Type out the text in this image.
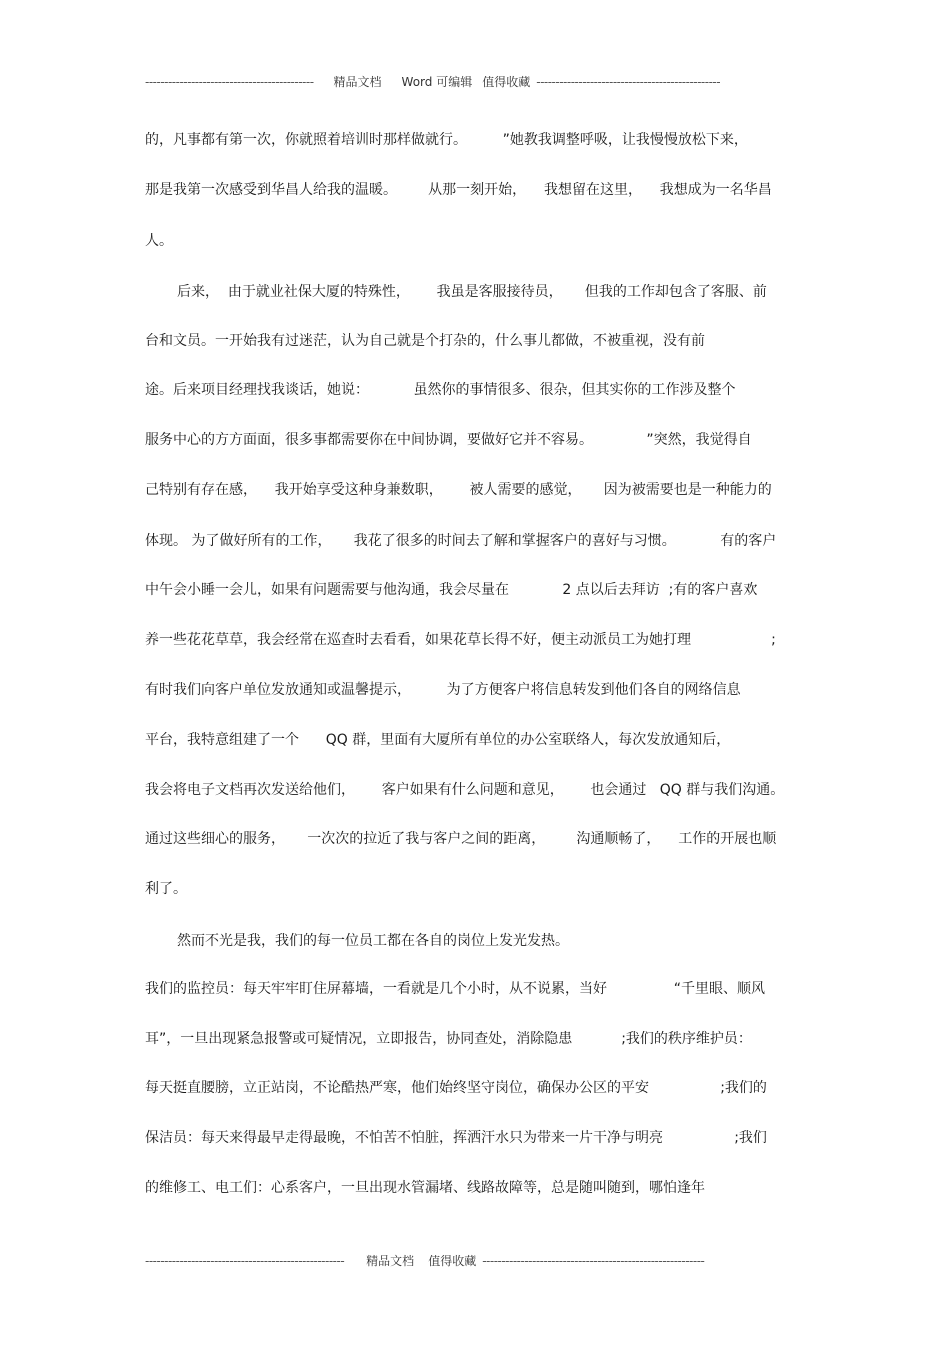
-------------------------------------------- 精品文档 Word 可编辑 值得收藏 ------------------------------------------------
的，凡事都有第一次，你就照着培训时那样做就行。        ”她教我调整呼吸，让我慢慢放松下来，
那是我第一次感受到华昌人给我的温暖。       从那一刻开始，    我想留在这里，    我想成为一名华昌
人。
后来，  由于就业社保大厦的特殊性，      我虽是客服接待员，     但我的工作却包含了客服、前
台和文员。一开始我有过迷茫，认为自己就是个打杂的，什么事儿都做，不被重视，没有前
途。后来项目经理找我谈话，她说：          虽然你的事情很多、很杂，但其实你的工作涉及整个
服务中心的方方面面，很多事都需要你在中间协调，要做好它并不容易。            ”突然，我觉得自
己特别有存在感，    我开始享受这种身兼数职，      被人需要的感觉，     因为被需要也是一种能力的
体现。 为了做好所有的工作，     我花了很多的时间去了解和掌握客户的喜好与习惯。          有的客户
中午会小睡一会儿，如果有问题需要与他沟通，我会尽量在            2 点以后去拜访  ;有的客户喜欢
养一些花花草草，我会经常在巡查时去看看，如果花草长得不好，便主动派员工为她打理                  ;
有时我们向客户单位发放通知或温馨提示，        为了方便客户将信息转发到他们各自的网络信息
平台，我特意组建了一个      QQ 群，里面有大厦所有单位的办公室联络人，每次发放通知后，
我会将电子文档再次发送给他们，      客户如果有什么问题和意见，      也会通过   QQ 群与我们沟通。
通过这些细心的服务，     一次次的拉近了我与客户之间的距离，       沟通顺畅了，    工作的开展也顺
利了。
然而不光是我，我们的每一位员工都在各自的岗位上发光发热。
我们的监控员：每天牢牢盯住屏幕墙，一看就是几个小时，从不说累，当好               “千里眼、顺风
耳”，一旦出现紧急报警或可疑情况，立即报告，协同查处，消除隐患           ;我们的秩序维护员：
每天挺直腰膀，立正站岗，不论酷热严寒，他们始终坚守岗位，确保办公区的平安                ;我们的
保洁员：每天来得最早走得最晚，不怕苦不怕脏，挥洒汗水只为带来一片干净与明亮                ;我们
的维修工、电工们：心系客户，一旦出现水管漏堵、线路故障等，总是随叫随到，哪怕逢年
---------------------------------------------------- 精品文档 值得收藏 ----------------------------------------------------------
